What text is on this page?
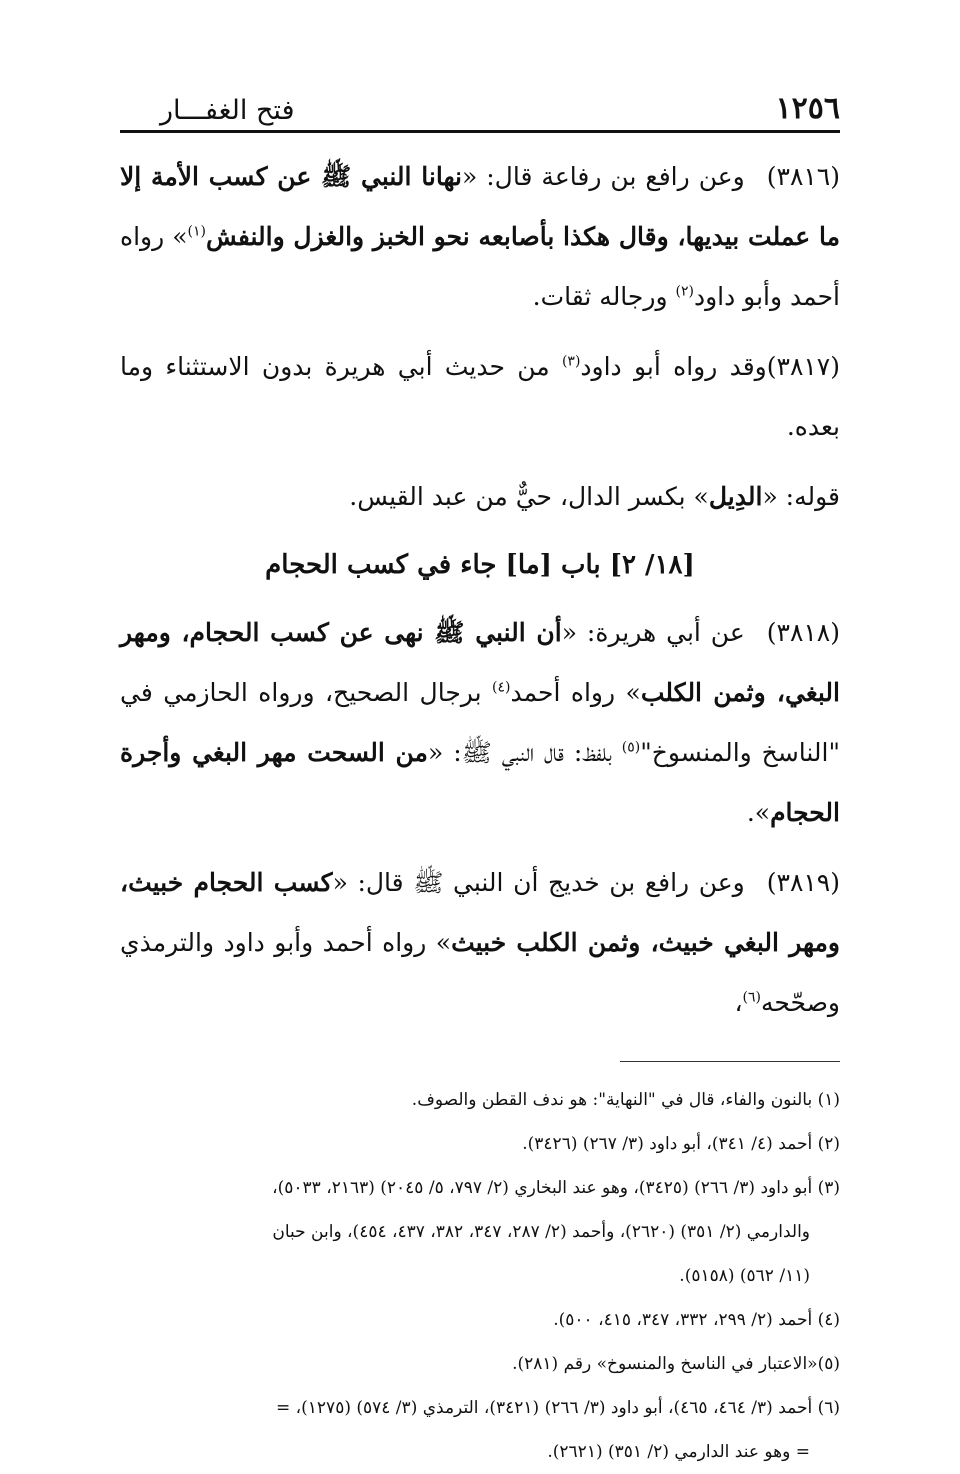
١٢٥٦
فتح الغفـــار

(٣٨١٦)وعن رافع بن رفاعة قال: «نهانا النبي ﷺ عن كسب الأمة إلا ما عملت بيديها، وقال هكذا بأصابعه نحو الخبز والغزل والنفش$^{(١)}$» رواه أحمد وأبو داود$^{(٢)}$ ورجاله ثقات.

(٣٨١٧)وقد رواه أبو داود$^{(٣)}$ من حديث أبي هريرة بدون الاستثناء وما بعده.

قوله: «الدِيل» بكسر الدال، حيٌّ من عبد القيس.

[١٨/ ٢] باب [ما] جاء في كسب الحجام

(٣٨١٨)عن أبي هريرة: «أن النبي ﷺ نهى عن كسب الحجام، ومهر البغي، وثمن الكلب» رواه أحمد$^{(٤)}$ برجال الصحيح، ورواه الحازمي في "الناسخ والمنسوخ"$^{(٥)}$ بلفظ: قال النبي ﷺ: «من السحت مهر البغي وأجرة الحجام».

(٣٨١٩)وعن رافع بن خديج أن النبي ﷺ قال: «كسب الحجام خبيث، ومهر البغي خبيث، وثمن الكلب خبيث» رواه أحمد وأبو داود والترمذي وصحّحه$^{(٦)}$،

(١) بالنون والفاء، قال في "النهاية": هو ندف القطن والصوف.

(٢) أحمد (٤/ ٣٤١)، أبو داود (٣/ ٢٦٧) (٣٤٢٦).

(٣) أبو داود (٣/ ٢٦٦) (٣٤٢٥)، وهو عند البخاري (٢/ ٧٩٧، ٥/ ٢٠٤٥) (٢١٦٣، ٥٠٣٣)،

والدارمي (٢/ ٣٥١) (٢٦٢٠)، وأحمد (٢/ ٢٨٧، ٣٤٧، ٣٨٢، ٤٣٧، ٤٥٤)، وابن حبان

(١١/ ٥٦٢) (٥١٥٨).

(٤) أحمد (٢/ ٢٩٩، ٣٣٢، ٣٤٧، ٤١٥، ٥٠٠).

(٥)«الاعتبار في الناسخ والمنسوخ» رقم (٢٨١).

(٦) أحمد (٣/ ٤٦٤، ٤٦٥)، أبو داود (٣/ ٢٦٦) (٣٤٢١)، الترمذي (٣/ ٥٧٤) (١٢٧٥)، =

= وهو عند الدارمي (٢/ ٣٥١) (٢٦٢١).
